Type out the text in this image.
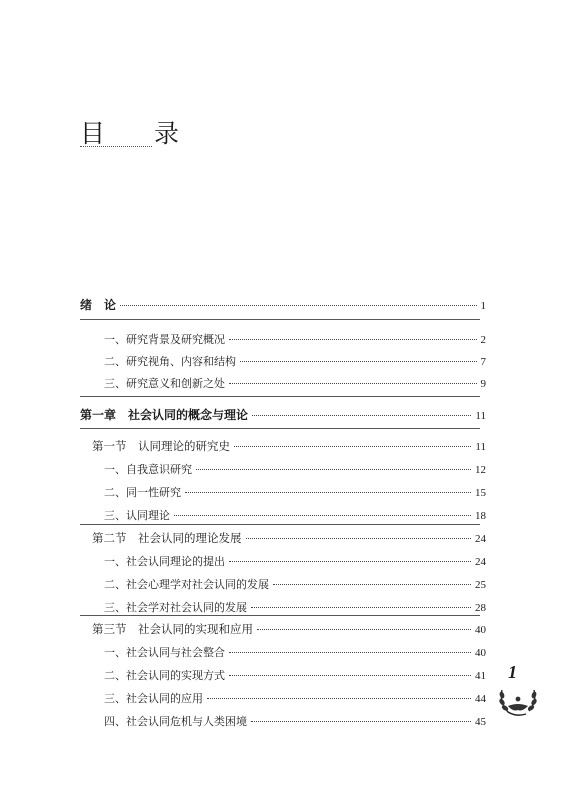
目　录
绪　论	1
一、研究背景及研究概况	2
二、研究视角、内容和结构	7
三、研究意义和创新之处	9
第一章　社会认同的概念与理论	11
第一节　认同理论的研究史	11
一、自我意识研究	12
二、同一性研究	15
三、认同理论	18
第二节　社会认同的理论发展	24
一、社会认同理论的提出	24
二、社会心理学对社会认同的发展	25
三、社会学对社会认同的发展	28
第三节　社会认同的实现和应用	40
一、社会认同与社会整合	40
二、社会认同的实现方式	41
三、社会认同的应用	44
四、社会认同危机与人类困境	45
1
